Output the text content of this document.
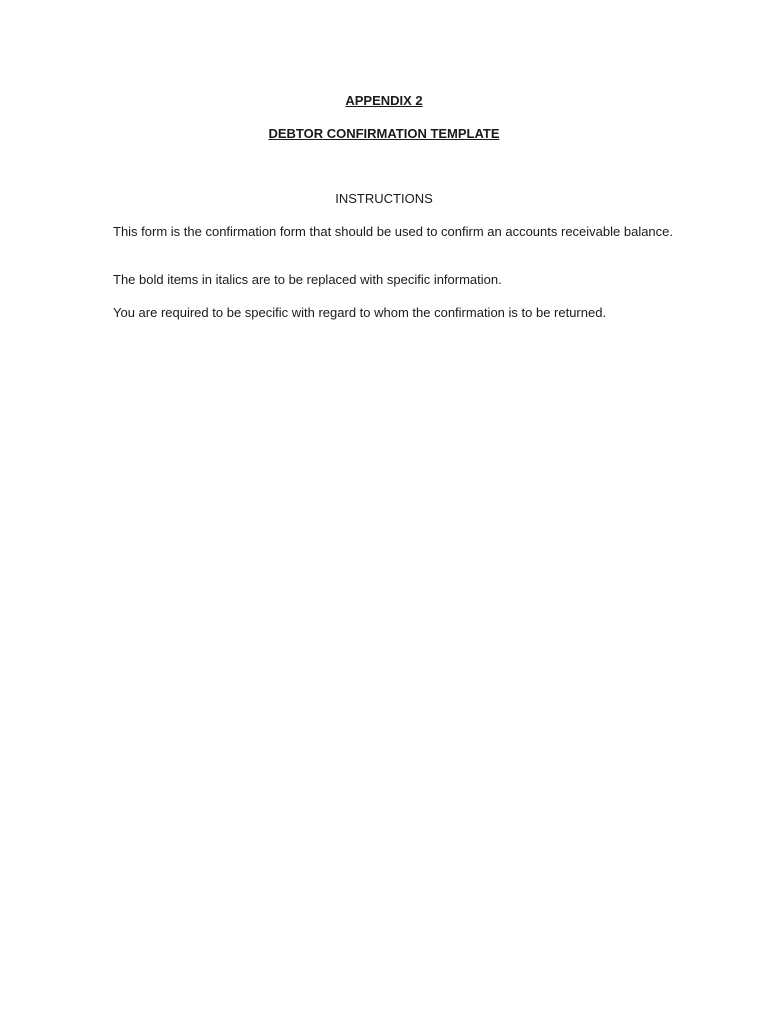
APPENDIX 2
DEBTOR CONFIRMATION TEMPLATE
INSTRUCTIONS

This form is the confirmation form that should be used to confirm an accounts receivable balance.

The bold items in italics are to be replaced with specific information.

You are required to be specific with regard to whom the confirmation is to be returned.
